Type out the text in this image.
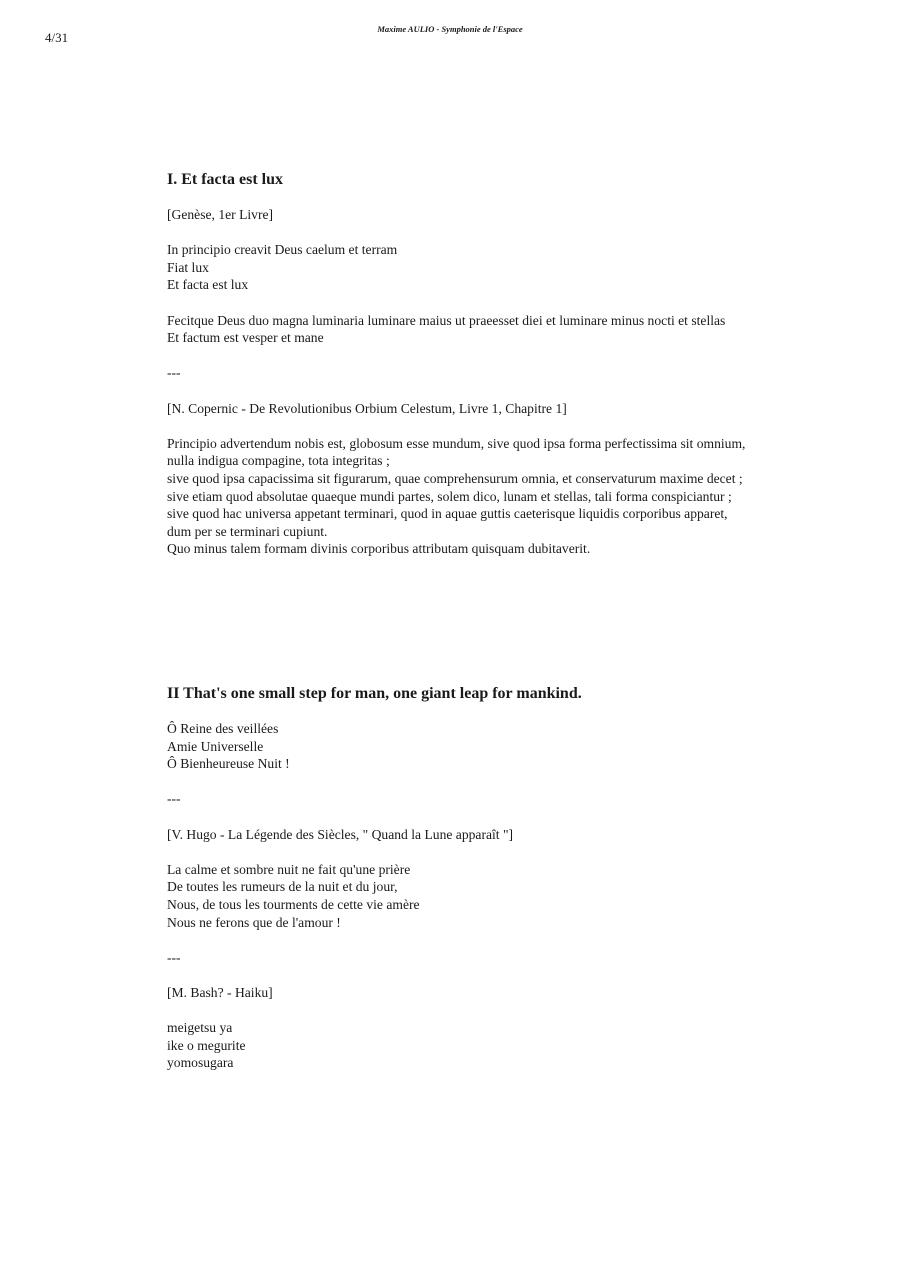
4/31
Maxime AULIO - Symphonie de l'Espace
I. Et facta est lux
[Genèse, 1er Livre]
In principio creavit Deus caelum et terram
Fiat lux
Et facta est lux
Fecitque Deus duo magna luminaria luminare maius ut praeesset diei et luminare minus nocti et stellas
Et factum est vesper et mane
---
[N. Copernic - De Revolutionibus Orbium Celestum, Livre 1, Chapitre 1]
Principio advertendum nobis est, globosum esse mundum, sive quod ipsa forma perfectissima sit omnium,
nulla indigua compagine, tota integritas ;
sive quod ipsa capacissima sit figurarum, quae comprehensurum omnia, et conservaturum maxime decet ;
sive etiam quod absolutae quaeque mundi partes, solem dico, lunam et stellas, tali forma conspiciantur ;
sive quod hac universa appetant terminari, quod in aquae guttis caeterisque liquidis corporibus apparet,
dum per se terminari cupiunt.
Quo minus talem formam divinis corporibus attributam quisquam dubitaverit.
II That's one small step for man, one giant leap for mankind.
Ô Reine des veillées
Amie Universelle
Ô Bienheureuse Nuit !
---
[V. Hugo - La Légende des Siècles, " Quand la Lune apparaît "]
La calme et sombre nuit ne fait qu'une prière
De toutes les rumeurs de la nuit et du jour,
Nous, de tous les tourments de cette vie amère
Nous ne ferons que de l'amour !
---
[M. Bash? - Haiku]
meigetsu ya
ike o megurite
yomosugara
